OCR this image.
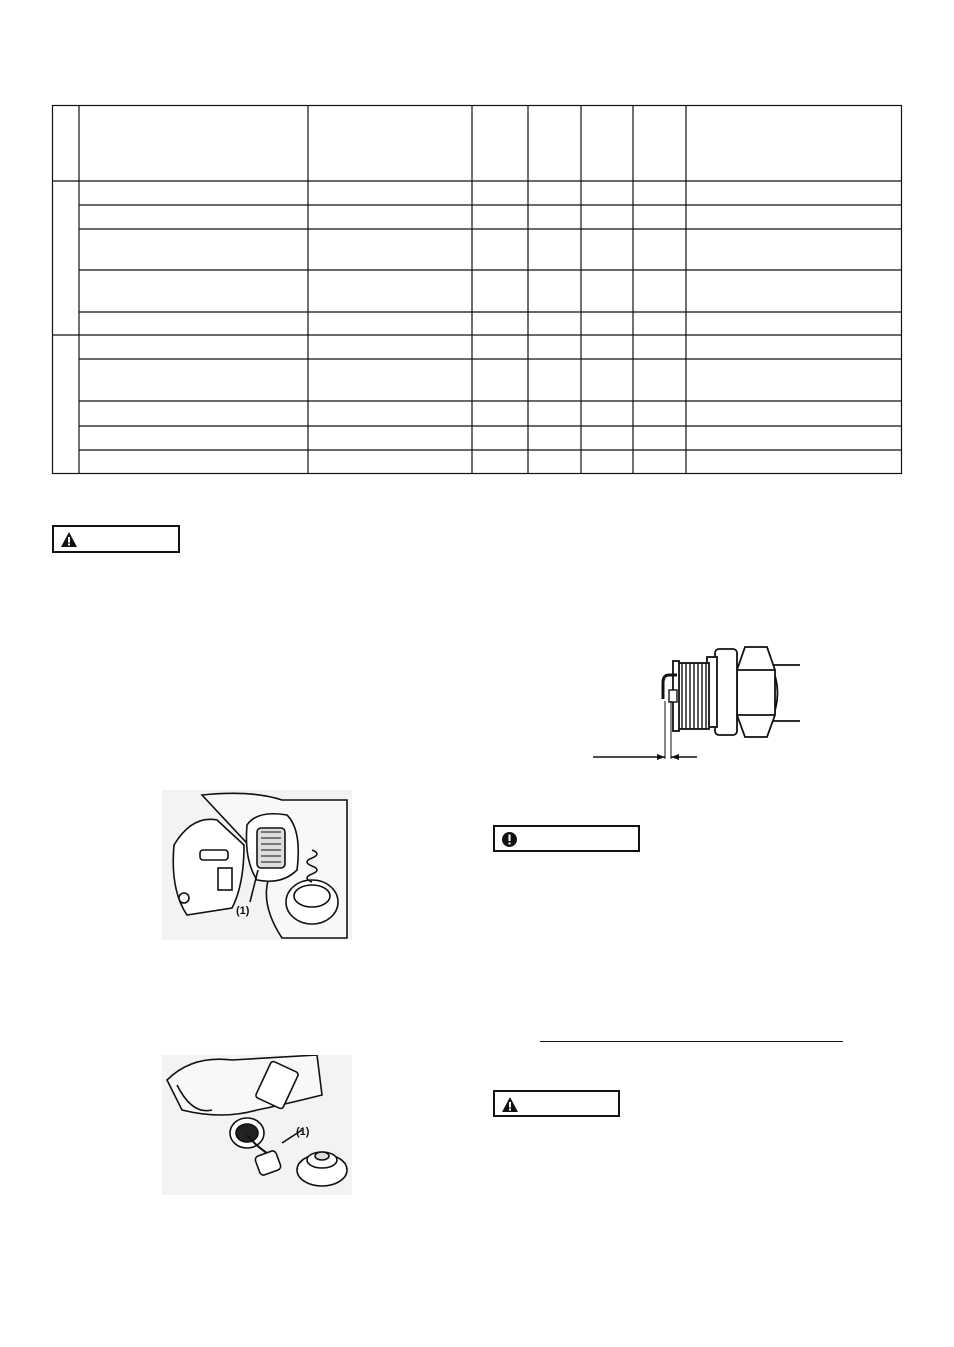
(1)
(1)
